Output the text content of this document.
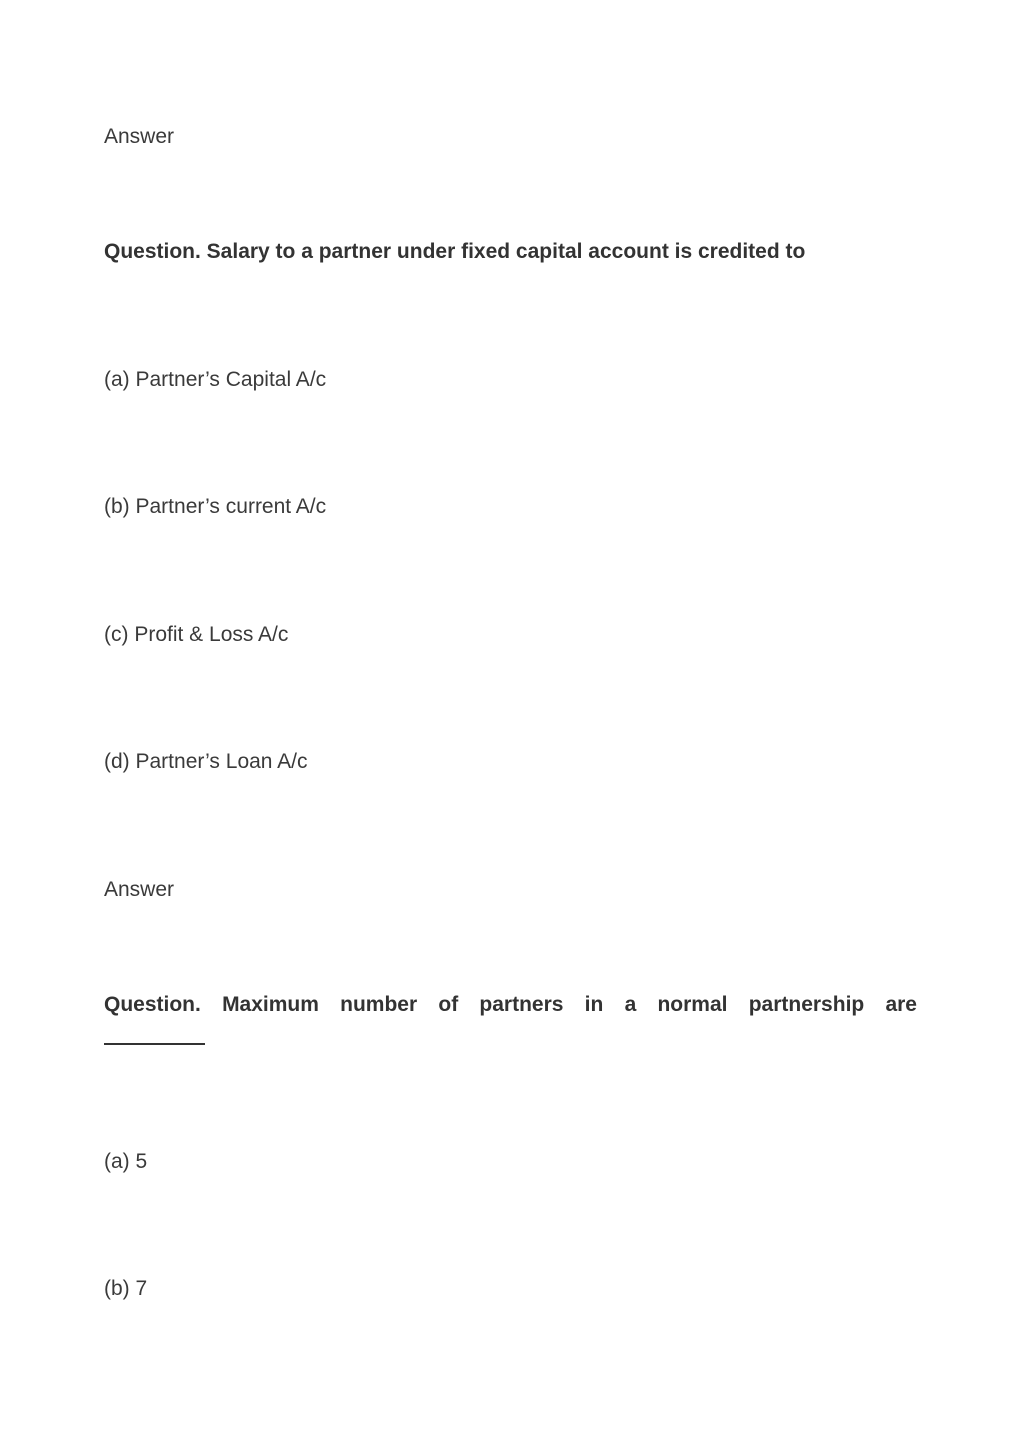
Answer

Question. Salary to a partner under fixed capital account is credited to

(a) Partner’s Capital A/c

(b) Partner’s current A/c

(c) Profit & Loss A/c

(d) Partner’s Loan A/c

Answer

Question. Maximum number of partners in a normal partnership are

(a) 5

(b) 7
